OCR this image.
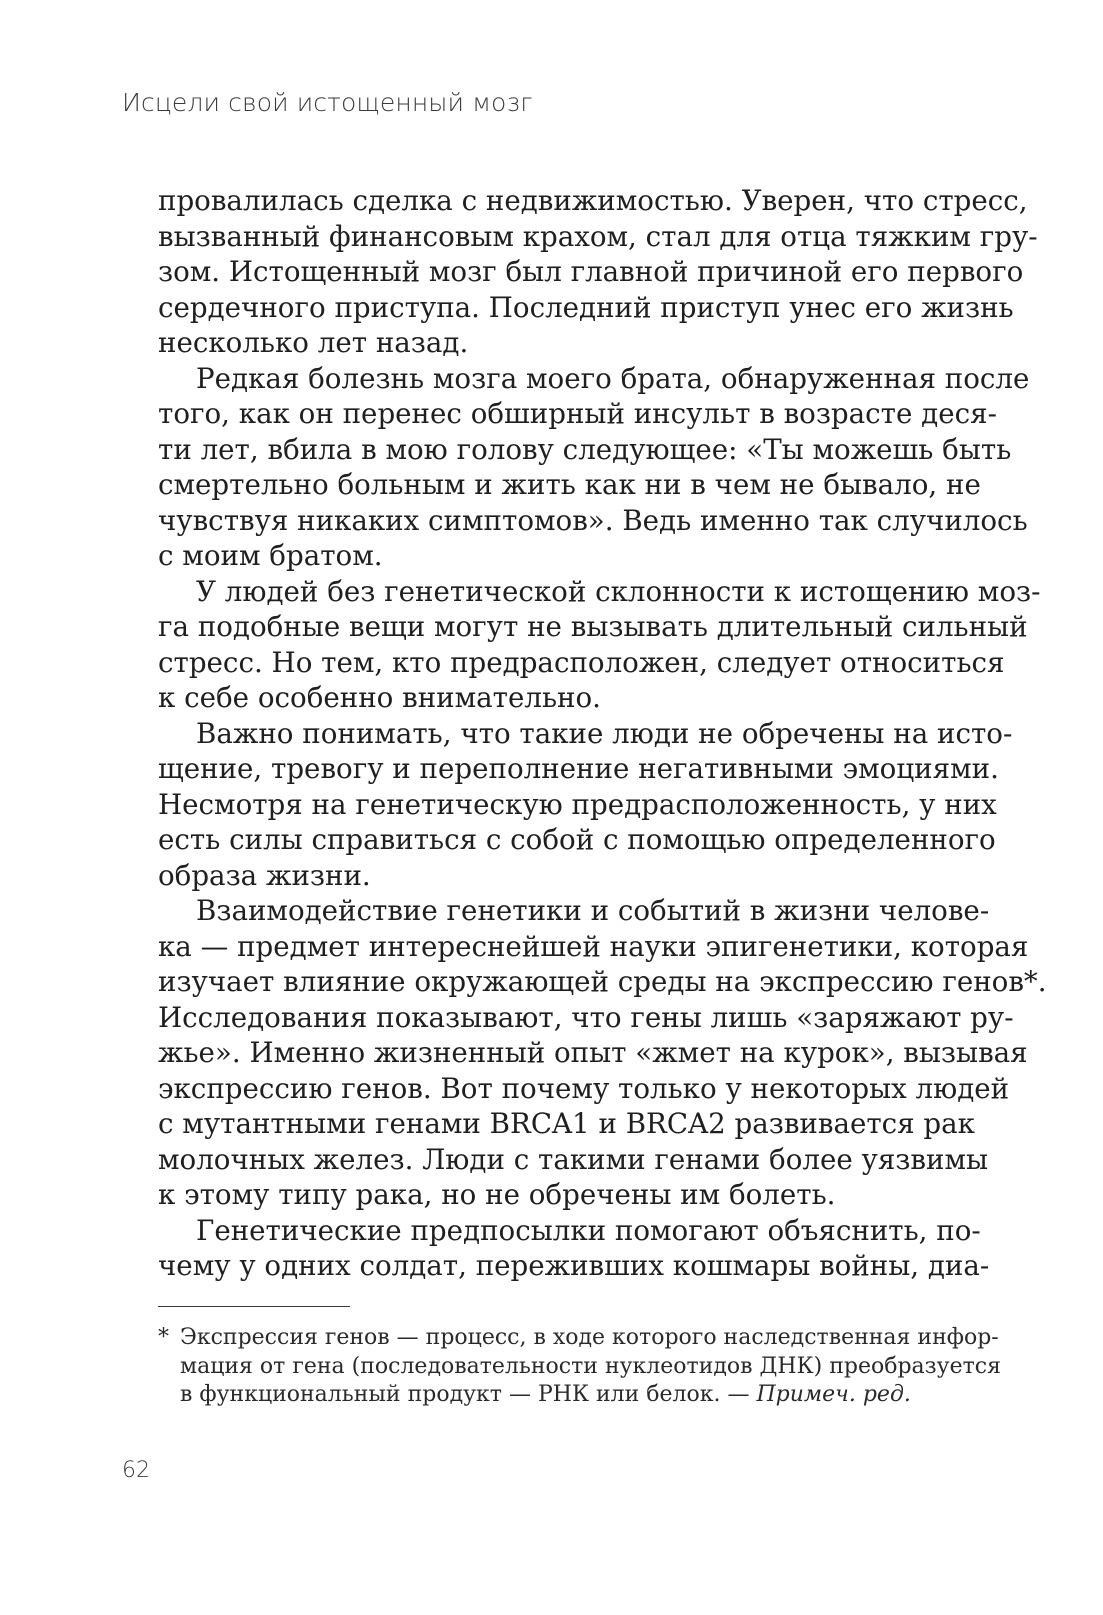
Исцели свой истощенный мозг
провалилась сделка с недвижимостью. Уверен, что стресс,
вызванный финансовым крахом, стал для отца тяжким гру-
зом. Истощенный мозг был главной причиной его первого
сердечного приступа. Последний приступ унес его жизнь
несколько лет назад.
Редкая болезнь мозга моего брата, обнаруженная после
того, как он перенес обширный инсульт в возрасте деся-
ти лет, вбила в мою голову следующее: «Ты можешь быть
смертельно больным и жить как ни в чем не бывало, не
чувствуя никаких симптомов». Ведь именно так случилось
с моим братом.
У людей без генетической склонности к истощению моз-
га подобные вещи могут не вызывать длительный сильный
стресс. Но тем, кто предрасположен, следует относиться
к себе особенно внимательно.
Важно понимать, что такие люди не обречены на исто-
щение, тревогу и переполнение негативными эмоциями.
Несмотря на генетическую предрасположенность, у них
есть силы справиться с собой с помощью определенного
образа жизни.
Взаимодействие генетики и событий в жизни челове-
ка — предмет интереснейшей науки эпигенетики, которая
изучает влияние окружающей среды на экспрессию генов*.
Исследования показывают, что гены лишь «заряжают ру-
жье». Именно жизненный опыт «жмет на курок», вызывая
экспрессию генов. Вот почему только у некоторых людей
с мутантными генами BRCA1 и BRCA2 развивается рак
молочных желез. Люди с такими генами более уязвимы
к этому типу рака, но не обречены им болеть.
Генетические предпосылки помогают объяснить, по-
чему у одних солдат, переживших кошмары войны, диа-
* Экспрессия генов — процесс, в ходе которого наследственная инфор-
мация от гена (последовательности нуклеотидов ДНК) преобразуется
в функциональный продукт — РНК или белок. — Примеч. ред.
62
